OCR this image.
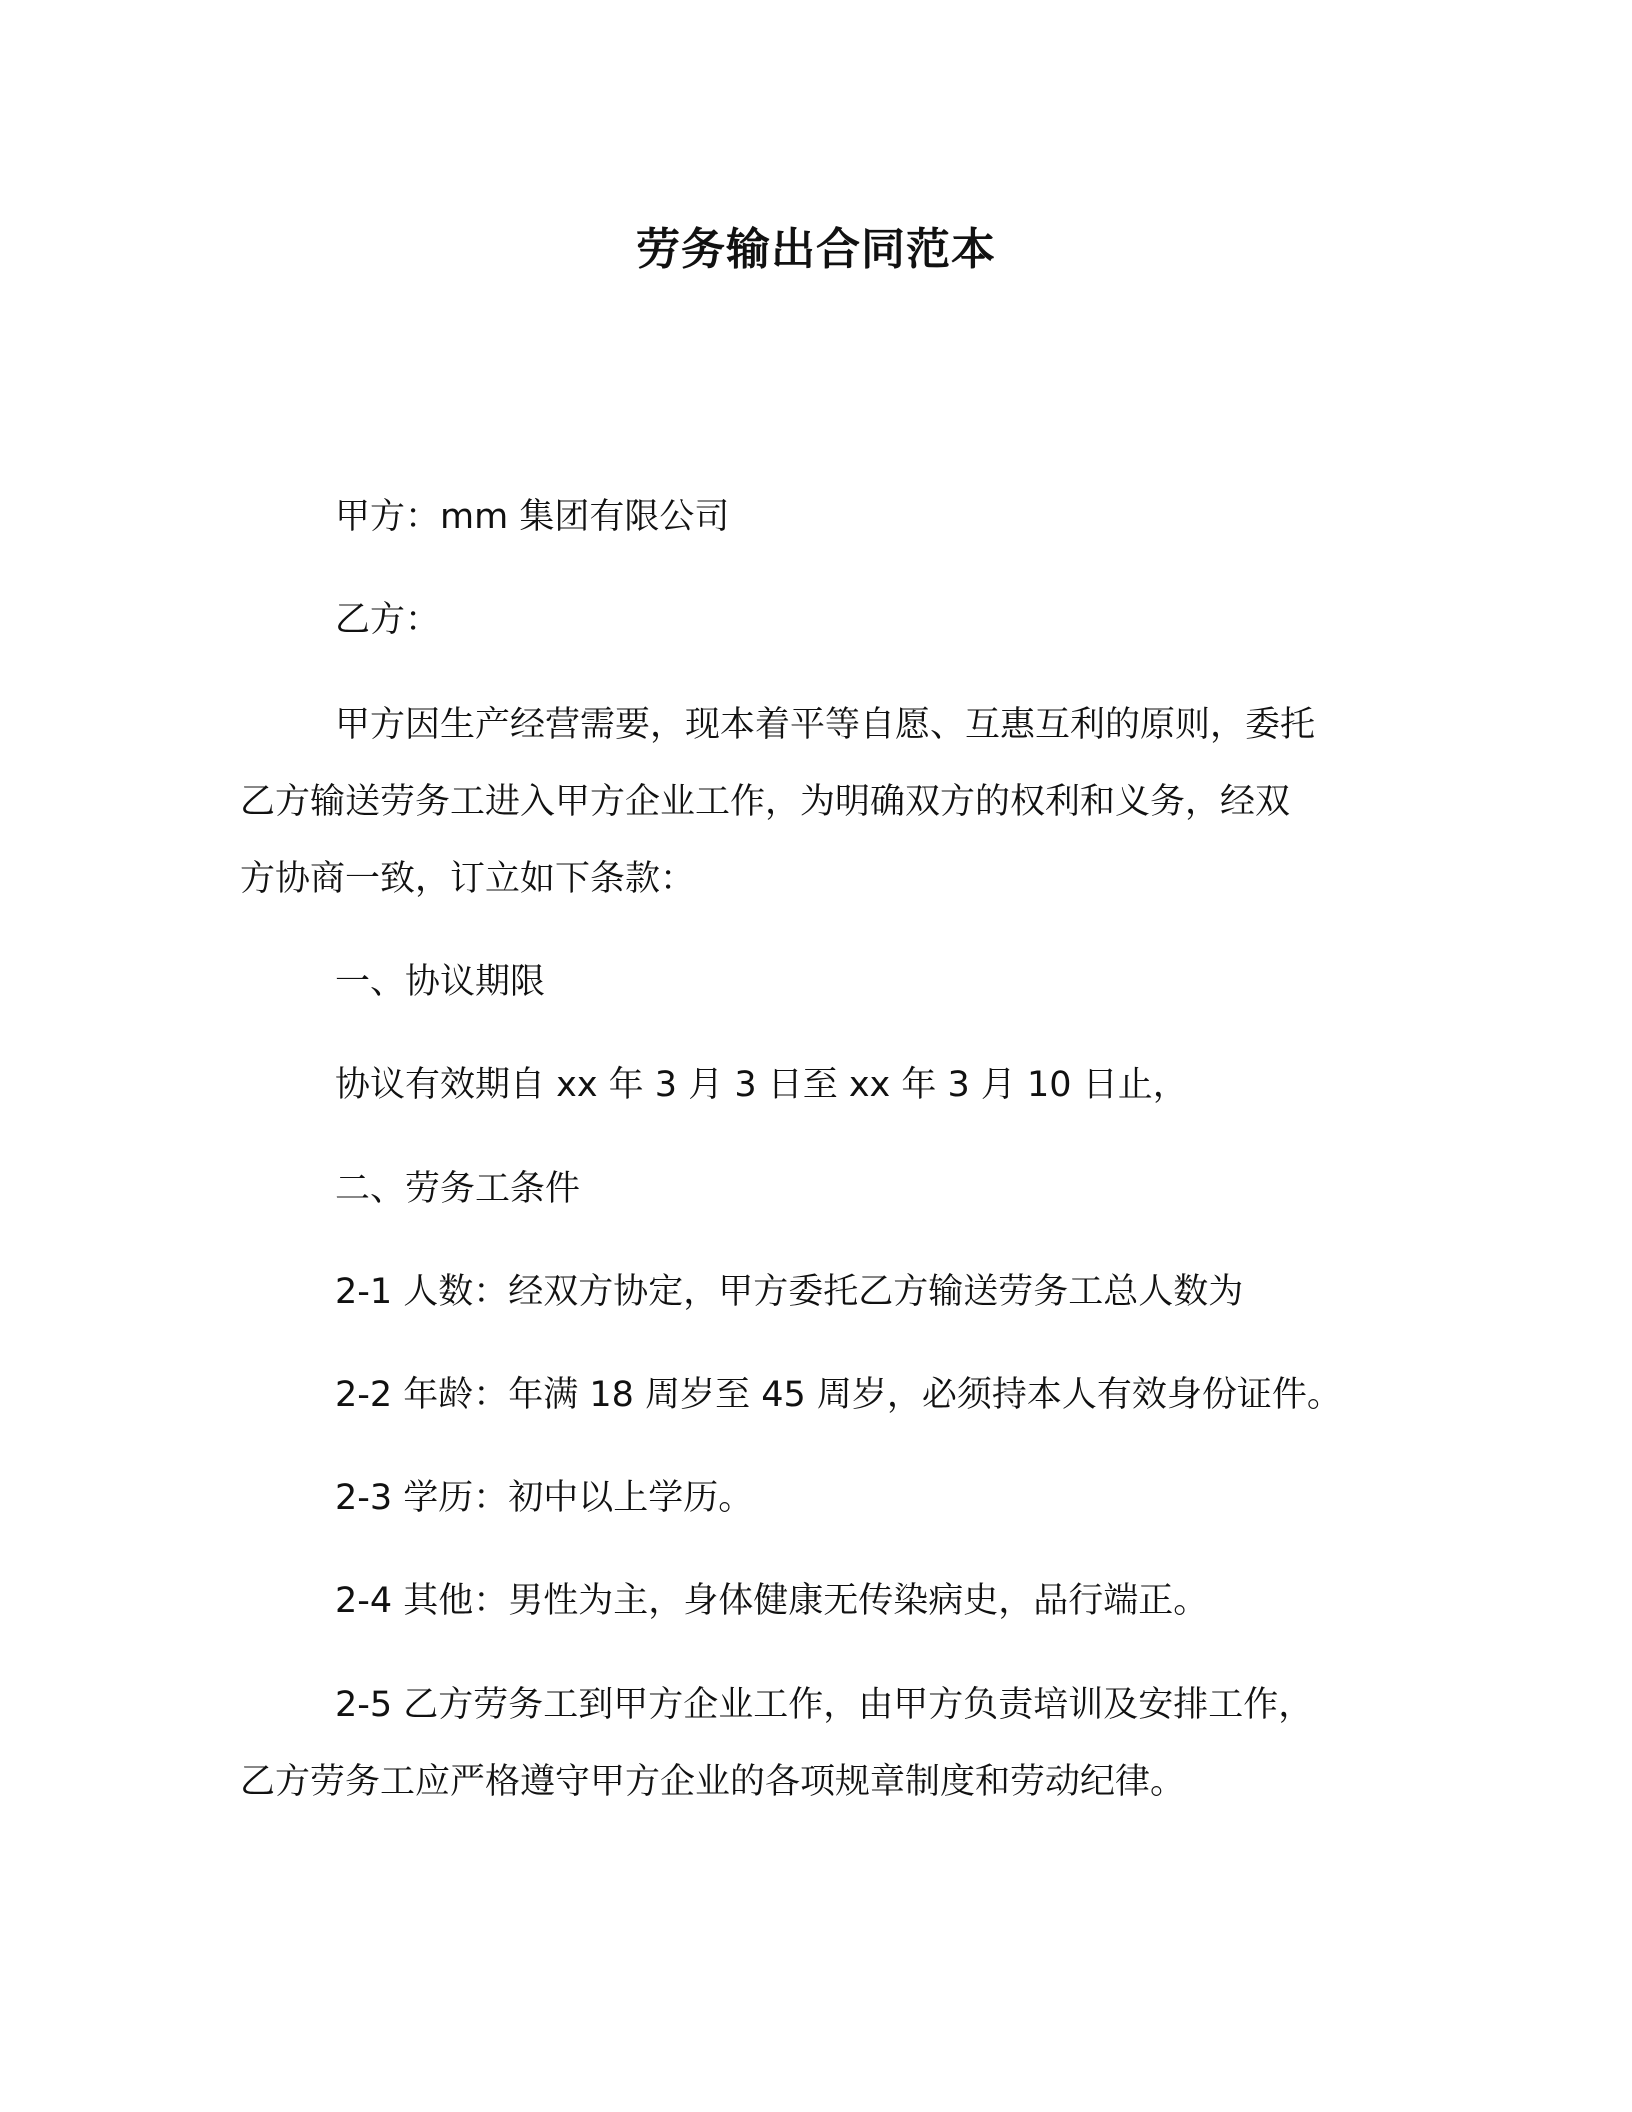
劳务输出合同范本
甲方：mm 集团有限公司
乙方：
甲方因生产经营需要，现本着平等自愿、互惠互利的原则，委托
乙方输送劳务工进入甲方企业工作，为明确双方的权利和义务，经双
方协商一致，订立如下条款：
一、协议期限
协议有效期自 xx 年 3 月 3 日至 xx 年 3 月 10 日止，
二、劳务工条件
2-1 人数：经双方协定，甲方委托乙方输送劳务工总人数为
2-2 年龄：年满 18 周岁至 45 周岁，必须持本人有效身份证件。
2-3 学历：初中以上学历。
2-4 其他：男性为主，身体健康无传染病史，品行端正。
2-5 乙方劳务工到甲方企业工作，由甲方负责培训及安排工作，
乙方劳务工应严格遵守甲方企业的各项规章制度和劳动纪律。
